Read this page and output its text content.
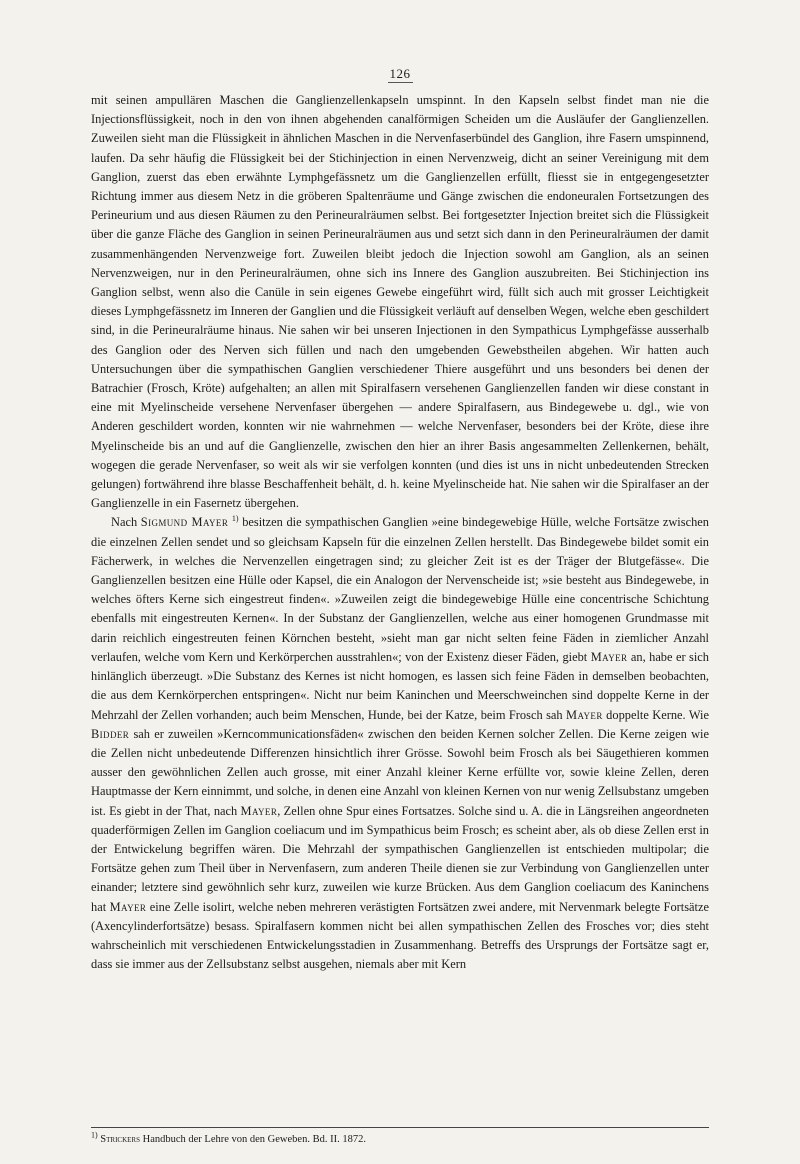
126

mit seinen ampullären Maschen die Ganglienzellenkapseln umspinnt. In den Kapseln selbst findet man nie die Injectionsflüssigkeit, noch in den von ihnen abgehenden canalförmigen Scheiden um die Ausläufer der Ganglienzellen. Zuweilen sieht man die Flüssigkeit in ähnlichen Maschen in die Nervenfaserbündel des Ganglion, ihre Fasern umspinnend, laufen. Da sehr häufig die Flüssigkeit bei der Stichinjection in einen Nervenzweig, dicht an seiner Vereinigung mit dem Ganglion, zuerst das eben erwähnte Lymphgefässnetz um die Ganglienzellen erfüllt, fliesst sie in entgegengesetzter Richtung immer aus diesem Netz in die gröberen Spaltenräume und Gänge zwischen die endoneuralen Fortsetzungen des Perineurium und aus diesen Räumen zu den Perineuralräumen selbst. Bei fortgesetzter Injection breitet sich die Flüssigkeit über die ganze Fläche des Ganglion in seinen Perineuralräumen aus und setzt sich dann in den Perineuralräumen der damit zusammenhängenden Nervenzweige fort. Zuweilen bleibt jedoch die Injection sowohl am Ganglion, als an seinen Nervenzweigen, nur in den Perineuralräumen, ohne sich ins Innere des Ganglion auszubreiten. Bei Stichinjection ins Ganglion selbst, wenn also die Canüle in sein eigenes Gewebe eingeführt wird, füllt sich auch mit grosser Leichtigkeit dieses Lymphgefässnetz im Inneren der Ganglien und die Flüssigkeit verläuft auf denselben Wegen, welche eben geschildert sind, in die Perineuralräume hinaus. Nie sahen wir bei unseren Injectionen in den Sympathicus Lymphgefässe ausserhalb des Ganglion oder des Nerven sich füllen und nach den umgebenden Gewebstheilen abgehen. Wir hatten auch Untersuchungen über die sympathischen Ganglien verschiedener Thiere ausgeführt und uns besonders bei denen der Batrachier (Frosch, Kröte) aufgehalten; an allen mit Spiralfasern versehenen Ganglienzellen fanden wir diese constant in eine mit Myelinscheide versehene Nervenfaser übergehen — andere Spiralfasern, aus Bindegewebe u. dgl., wie von Anderen geschildert worden, konnten wir nie wahrnehmen — welche Nervenfaser, besonders bei der Kröte, diese ihre Myelinscheide bis an und auf die Ganglienzelle, zwischen den hier an ihrer Basis angesammelten Zellenkernen, behält, wogegen die gerade Nervenfaser, so weit als wir sie verfolgen konnten (und dies ist uns in nicht unbedeutenden Strecken gelungen) fortwährend ihre blasse Beschaffenheit behält, d. h. keine Myelinscheide hat. Nie sahen wir die Spiralfaser an der Ganglienzelle in ein Fasernetz übergehen.

Nach Sigmund Mayer $^{1)}$ besitzen die sympathischen Ganglien »eine bindegewebige Hülle, welche Fortsätze zwischen die einzelnen Zellen sendet und so gleichsam Kapseln für die einzelnen Zellen herstellt. Das Bindegewebe bildet somit ein Fächerwerk, in welches die Nervenzellen eingetragen sind; zu gleicher Zeit ist es der Träger der Blutgefässe«. Die Ganglienzellen besitzen eine Hülle oder Kapsel, die ein Analogon der Nervenscheide ist; »sie besteht aus Bindegewebe, in welches öfters Kerne sich eingestreut finden«. »Zuweilen zeigt die bindegewebige Hülle eine concentrische Schichtung ebenfalls mit eingestreuten Kernen«. In der Substanz der Ganglienzellen, welche aus einer homogenen Grundmasse mit darin reichlich eingestreuten feinen Körnchen besteht, »sieht man gar nicht selten feine Fäden in ziemlicher Anzahl verlaufen, welche vom Kern und Kerkörperchen ausstrahlen«; von der Existenz dieser Fäden, giebt Mayer an, habe er sich hinlänglich überzeugt. »Die Substanz des Kernes ist nicht homogen, es lassen sich feine Fäden in demselben beobachten, die aus dem Kernkörperchen entspringen«. Nicht nur beim Kaninchen und Meerschweinchen sind doppelte Kerne in der Mehrzahl der Zellen vorhanden; auch beim Menschen, Hunde, bei der Katze, beim Frosch sah Mayer doppelte Kerne. Wie Bidder sah er zuweilen »Kerncommunicationsfäden« zwischen den beiden Kernen solcher Zellen. Die Kerne zeigen wie die Zellen nicht unbedeutende Differenzen hinsichtlich ihrer Grösse. Sowohl beim Frosch als bei Säugethieren kommen ausser den gewöhnlichen Zellen auch grosse, mit einer Anzahl kleiner Kerne erfüllte vor, sowie kleine Zellen, deren Hauptmasse der Kern einnimmt, und solche, in denen eine Anzahl von kleinen Kernen von nur wenig Zellsubstanz umgeben ist. Es giebt in der That, nach Mayer, Zellen ohne Spur eines Fortsatzes. Solche sind u. A. die in Längsreihen angeordneten quaderförmigen Zellen im Ganglion coeliacum und im Sympathicus beim Frosch; es scheint aber, als ob diese Zellen erst in der Entwickelung begriffen wären. Die Mehrzahl der sympathischen Ganglienzellen ist entschieden multipolar; die Fortsätze gehen zum Theil über in Nervenfasern, zum anderen Theile dienen sie zur Verbindung von Ganglienzellen unter einander; letztere sind gewöhnlich sehr kurz, zuweilen wie kurze Brücken. Aus dem Ganglion coeliacum des Kaninchens hat Mayer eine Zelle isolirt, welche neben mehreren verästigten Fortsätzen zwei andere, mit Nervenmark belegte Fortsätze (Axencylinderfortsätze) besass. Spiralfasern kommen nicht bei allen sympathischen Zellen des Frosches vor; dies steht wahrscheinlich mit verschiedenen Entwickelungsstadien in Zusammenhang. Betreffs des Ursprungs der Fortsätze sagt er, dass sie immer aus der Zellsubstanz selbst ausgehen, niemals aber mit Kern

$^{1)}$ Strickers Handbuch der Lehre von den Geweben. Bd. II. 1872.
